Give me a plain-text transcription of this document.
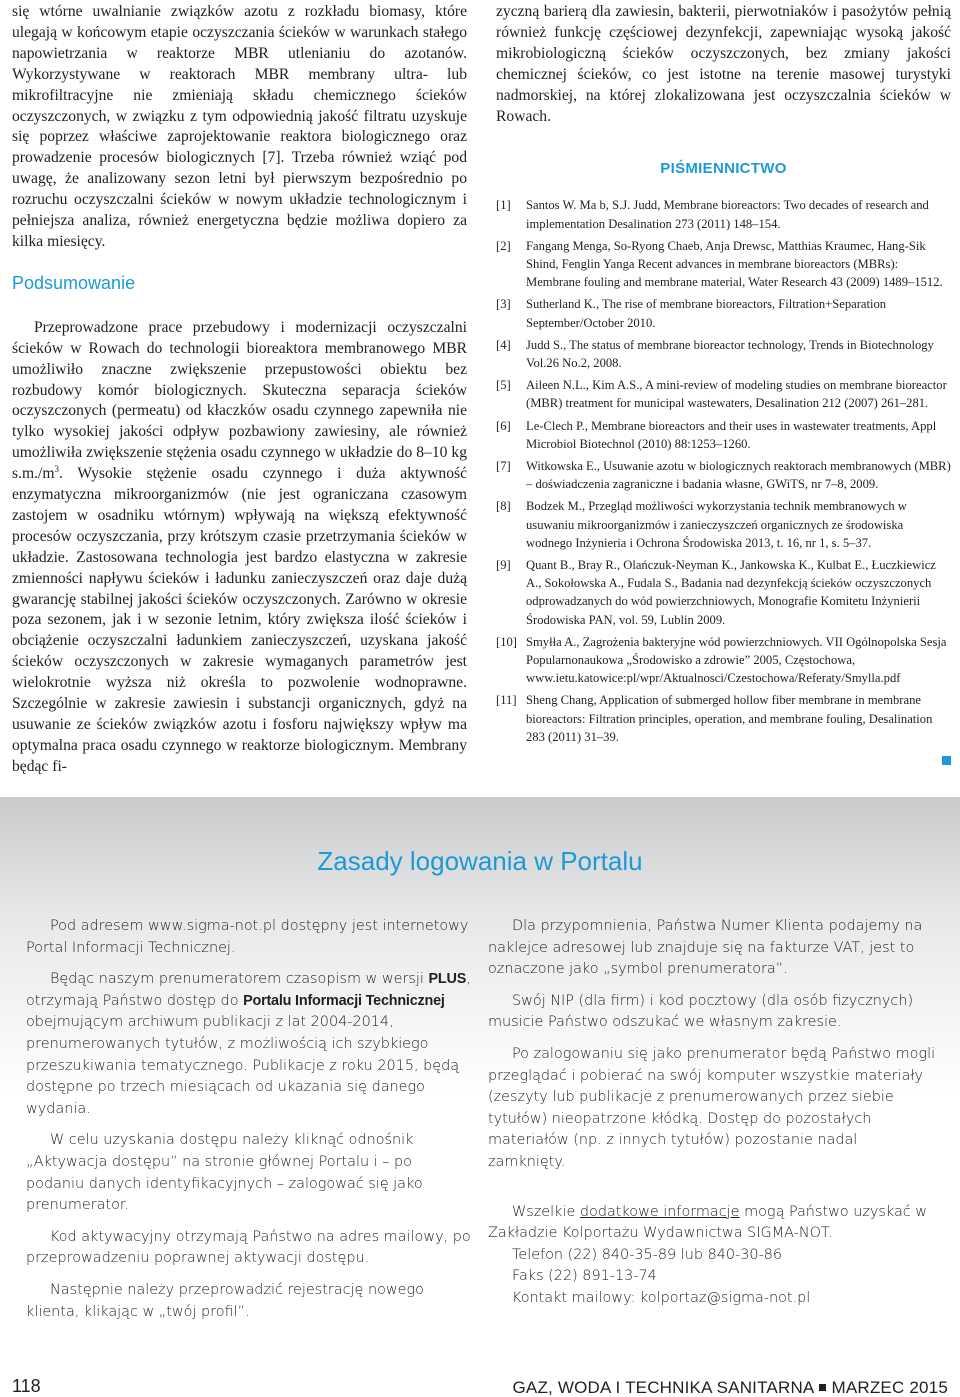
się wtórne uwalnianie związków azotu z rozkładu biomasy, które ulegają w końcowym etapie oczyszczania ścieków w warunkach stałego napowietrzania w reaktorze MBR utlenianiu do azotanów. Wykorzystywane w reaktorach MBR membrany ultra- lub mikrofiltracyjne nie zmieniają składu chemicznego ścieków oczyszczonych, w związku z tym odpowiednią jakość filtratu uzyskuje się poprzez właściwe zaprojektowanie reaktora biologicznego oraz prowadzenie procesów biologicznych [7]. Trzeba również wziąć pod uwagę, że analizowany sezon letni był pierwszym bezpośrednio po rozruchu oczyszczalni ścieków w nowym układzie technologicznym i pełniejsza analiza, również energetyczna będzie możliwa dopiero za kilka miesięcy.

Podsumowanie

Przeprowadzone prace przebudowy i modernizacji oczyszczalni ścieków w Rowach do technologii bioreaktora membranowego MBR umożliwiło znaczne zwiększenie przepustowości obiektu bez rozbudowy komór biologicznych. Skuteczna separacja ścieków oczyszczonych (permeatu) od kłaczków osadu czynnego zapewniła nie tylko wysokiej jakości odpływ pozbawiony zawiesiny, ale również umożliwiła zwiększenie stężenia osadu czynnego w układzie do 8–10 kg $s.m./m^3$. Wysokie stężenie osadu czynnego i duża aktywność enzymatyczna mikroorganizmów (nie jest ograniczana czasowym zastojem w osadniku wtórnym) wpływają na większą efektywność procesów oczyszczania, przy krótszym czasie przetrzymania ścieków w układzie. Zastosowana technologia jest bardzo elastyczna w zakresie zmienności napływu ścieków i ładunku zanieczyszczeń oraz daje dużą gwarancję stabilnej jakości ścieków oczyszczonych. Zarówno w okresie poza sezonem, jak i w sezonie letnim, który zwiększa ilość ścieków i obciążenie oczyszczalni ładunkiem zanieczyszczeń, uzyskana jakość ścieków oczyszczonych w zakresie wymaganych parametrów jest wielokrotnie wyższa niż określa to pozwolenie wodnoprawne. Szczególnie w zakresie zawiesin i substancji organicznych, gdyż na usuwanie ze ścieków związków azotu i fosforu największy wpływ ma optymalna praca osadu czynnego w reaktorze biologicznym. Membrany będąc fi-

zyczną barierą dla zawiesin, bakterii, pierwotniaków i pasożytów pełnią również funkcję częściowej dezynfekcji, zapewniając wysoką jakość mikrobiologiczną ścieków oczyszczonych, bez zmiany jakości chemicznej ścieków, co jest istotne na terenie masowej turystyki nadmorskiej, na której zlokalizowana jest oczyszczalnia ścieków w Rowach.

PIŚMIENNICTWO
[1] Santos W. Ma b, S.J. Judd, Membrane bioreactors: Two decades of research and implementation Desalination 273 (2011) 148–154.
[2] Fangang Menga, So-Ryong Chaeb, Anja Drewsc, Matthias Kraumec, Hang-Sik Shind, Fenglin Yanga Recent advances in membrane bioreactors (MBRs): Membrane fouling and membrane material, Water Research 43 (2009) 1489–1512.
[3] Sutherland K., The rise of membrane bioreactors, Filtration+Separation September/October 2010.
[4] Judd S., The status of membrane bioreactor technology, Trends in Biotechnology Vol.26 No.2, 2008.
[5] Aileen N.L., Kim A.S., A mini-review of modeling studies on membrane bioreactor (MBR) treatment for municipal wastewaters, Desalination 212 (2007) 261–281.
[6] Le-Clech P., Membrane bioreactors and their uses in wastewater treatments, Appl Microbiol Biotechnol (2010) 88:1253–1260.
[7] Witkowska E., Usuwanie azotu w biologicznych reaktorach membranowych (MBR) – doświadczenia zagraniczne i badania własne, GWiTS, nr 7–8, 2009.
[8] Bodzek M., Przegląd możliwości wykorzystania technik membranowych w usuwaniu mikroorganizmów i zanieczyszczeń organicznych ze środowiska wodnego Inżynieria i Ochrona Środowiska 2013, t. 16, nr 1, s. 5–37.
[9] Quant B., Bray R., Olańczuk-Neyman K., Jankowska K., Kulbat E., Łuczkiewicz A., Sokołowska A., Fudala S., Badania nad dezynfekcją ścieków oczyszczonych odprowadzanych do wód powierzchniowych, Monografie Komitetu Inżynierii Środowiska PAN, vol. 59, Lublin 2009.
[10] Smyłła A., Zagrożenia bakteryjne wód powierzchniowych. VII Ogólnopolska Sesja Popularnonaukowa „Środowisko a zdrowie” 2005, Częstochowa, www.ietu.katowice:pl/wpr/Aktualnosci/Czestochowa/Referaty/Smylla.pdf
[11] Sheng Chang, Application of submerged hollow fiber membrane in membrane bioreactors: Filtration principles, operation, and membrane fouling, Desalination 283 (2011) 31–39.
Zasady logowania w Portalu

Pod adresem www.sigma-not.pl dostępny jest internetowy Portal Informacji Technicznej.

Będąc naszym prenumeratorem czasopism w wersji PLUS, otrzymają Państwo dostęp do Portalu Informacji Technicznej obejmującym archiwum publikacji z lat 2004-2014, prenumerowanych tytułów, z możliwością ich szybkiego przeszukiwania tematycznego. Publikacje z roku 2015, będą dostępne po trzech miesiącach od ukazania się danego wydania.

W celu uzyskania dostępu należy kliknąć odnośnik „Aktywacja dostępu” na stronie głównej Portalu i – po podaniu danych identyfikacyjnych – zalogować się jako prenumerator.

Kod aktywacyjny otrzymają Państwo na adres mailowy, po przeprowadzeniu poprawnej aktywacji dostępu.

Następnie należy przeprowadzić rejestrację nowego klienta, klikając w „twój profil”.

Dla przypomnienia, Państwa Numer Klienta podajemy na naklejce adresowej lub znajduje się na fakturze VAT, jest to oznaczone jako „symbol prenumeratora”.

Swój NIP (dla firm) i kod pocztowy (dla osób fizycznych) musicie Państwo odszukać we własnym zakresie.

Po zalogowaniu się jako prenumerator będą Państwo mogli przeglądać i pobierać na swój komputer wszystkie materiały (zeszyty lub publikacje z prenumerowanych przez siebie tytułów) nieopatrzone kłódką. Dostęp do pozostałych materiałów (np. z innych tytułów) pozostanie nadal zamknięty.

Wszelkie dodatkowe informacje mogą Państwo uzyskać w Zakładzie Kolportażu Wydawnictwa SIGMA-NOT.

Telefon (22) 840-35-89 lub 840-30-86

Faks (22) 891-13-74

Kontakt mailowy: kolportaz@sigma-not.pl

118	GAZ, WODA I TECHNIKA SANITARNA MARZEC 2015
